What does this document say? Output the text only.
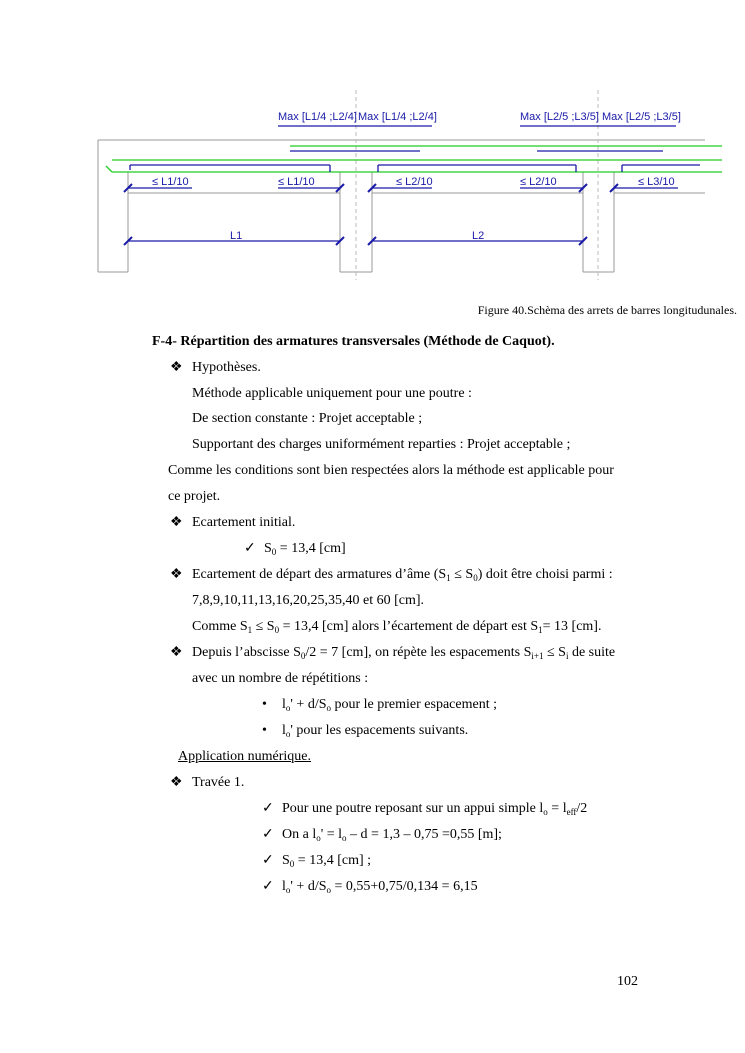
Max [L1/4 ;L2/4] Max [L1/4 ;L2/4]	Max [L2/5 ;L3/5] Max [L2/5 ;L3/5]
≤ L1/10	≤ L1/10	≤ L2/10	≤ L2/10	≤ L3/10
L1	L2
Figure 40.Schèma des arrets de barres longitudunales.
F-4- Répartition des armatures transversales (Méthode de Caquot).
❖ Hypothèses.
Méthode applicable uniquement pour une poutre :
De section constante : Projet acceptable ;
Supportant des charges uniformément reparties : Projet acceptable ;
Comme les conditions sont bien respectées alors la méthode est applicable pour
ce projet.
❖ Ecartement initial.
✓ $S_0 = 13,4$ [cm]
❖ Ecartement de départ des armatures d’âme $(S_1 \le S_0)$ doit être choisi parmi :
7,8,9,10,11,13,16,20,25,35,40 et 60 [cm].
Comme $S_1 \le S_0 = 13,4$ [cm] alors l’écartement de départ est $S_1= 13$ [cm].
❖ Depuis l’abscisse $S_0/2 = 7$ [cm], on répète les espacements $S_{i+1} \le S_i$ de suite
avec un nombre de répétitions :
• $l_o' + d/S_o$ pour le premier espacement ;
• $l_o'$ pour les espacements suivants.
Application numérique.
❖ Travée 1.
✓ Pour une poutre reposant sur un appui simple $l_o = l_{eff}/2$
✓ On a $l_o' = l_o - d = 1,3 - 0,75 =0,55$ [m];
✓ $S_0 = 13,4$ [cm] ;
✓ $l_o' + d/S_o = 0,55+0,75/0,134 = 6,15$
102
